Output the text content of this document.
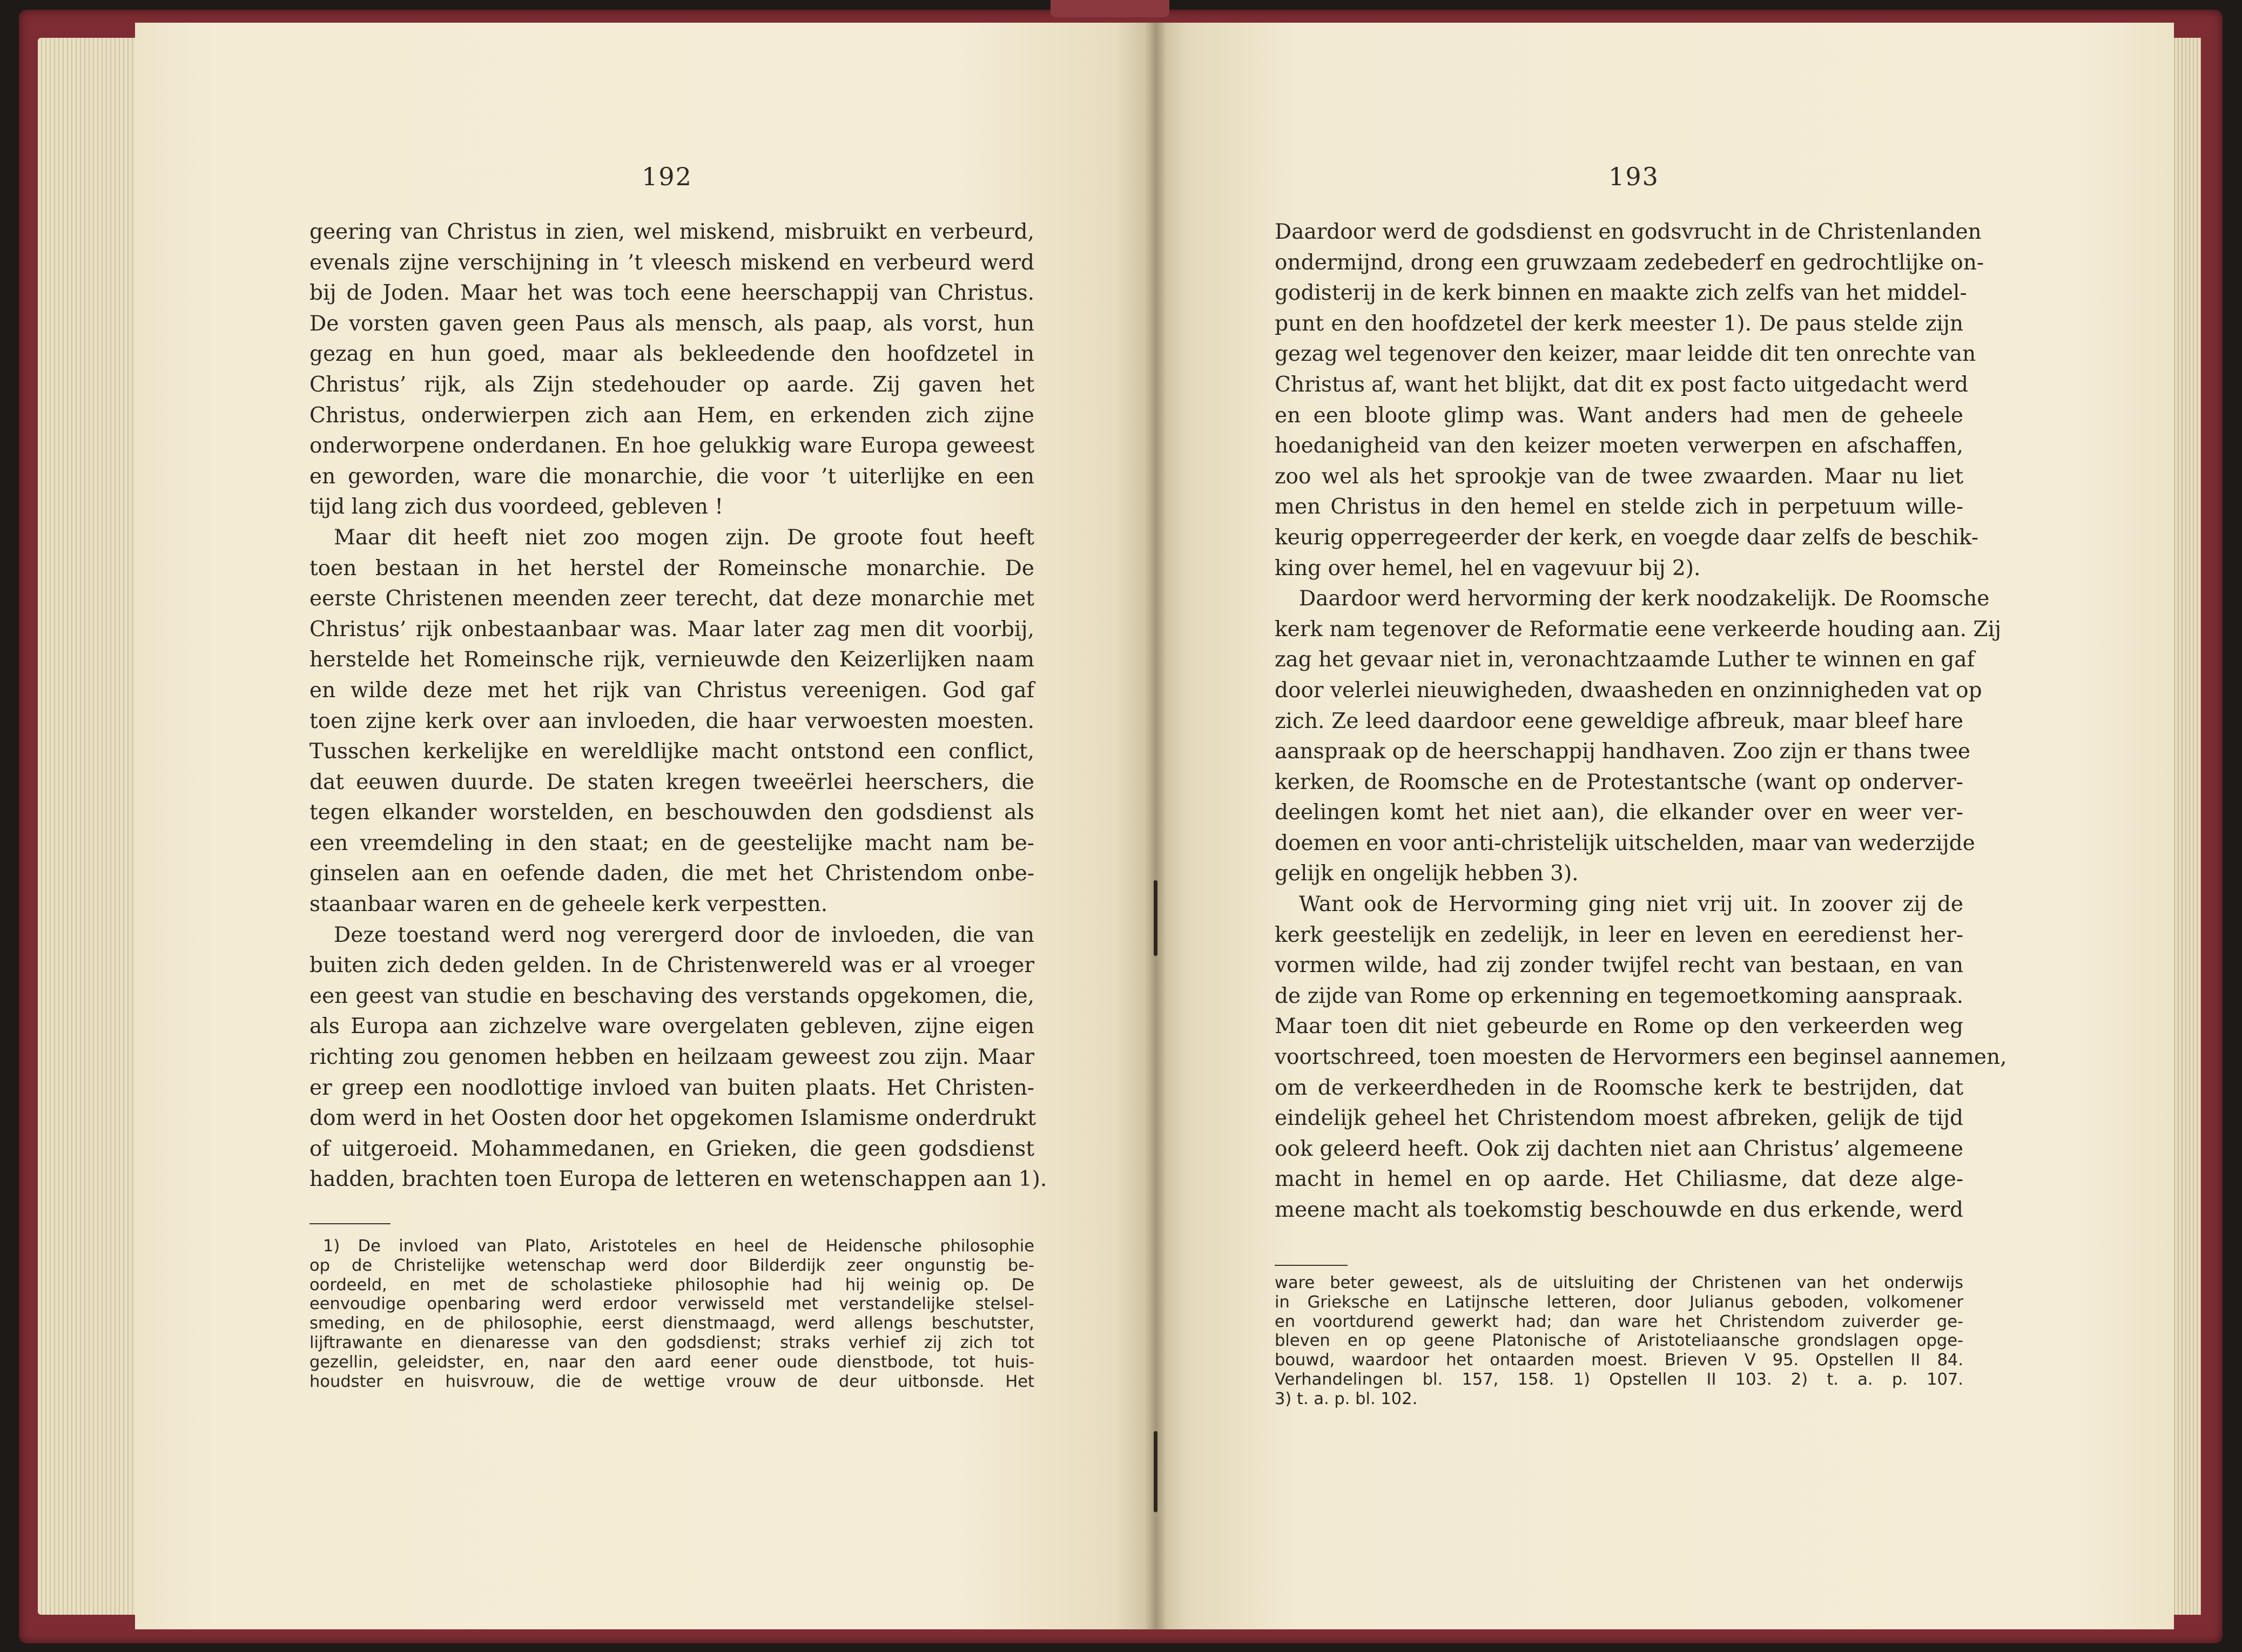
192
geering van Christus in zien, wel miskend, misbruikt en verbeurd,
evenals zijne verschijning in ’t vleesch miskend en verbeurd werd
bij de Joden. Maar het was toch eene heerschappij van Christus.
De vorsten gaven geen Paus als mensch, als paap, als vorst, hun
gezag en hun goed, maar als bekleedende den hoofdzetel in
Christus’ rijk, als Zijn stedehouder op aarde. Zij gaven het
Christus, onderwierpen zich aan Hem, en erkenden zich zijne
onderworpene onderdanen. En hoe gelukkig ware Europa geweest
en geworden, ware die monarchie, die voor ’t uiterlijke en een
tijd lang zich dus voordeed, gebleven !
Maar dit heeft niet zoo mogen zijn. De groote fout heeft
toen bestaan in het herstel der Romeinsche monarchie. De
eerste Christenen meenden zeer terecht, dat deze monarchie met
Christus’ rijk onbestaanbaar was. Maar later zag men dit voorbij,
herstelde het Romeinsche rijk, vernieuwde den Keizerlijken naam
en wilde deze met het rijk van Christus vereenigen. God gaf
toen zijne kerk over aan invloeden, die haar verwoesten moesten.
Tusschen kerkelijke en wereldlijke macht ontstond een conflict,
dat eeuwen duurde. De staten kregen tweeërlei heerschers, die
tegen elkander worstelden, en beschouwden den godsdienst als
een vreemdeling in den staat; en de geestelijke macht nam be-
ginselen aan en oefende daden, die met het Christendom onbe-
staanbaar waren en de geheele kerk verpestten.
Deze toestand werd nog verergerd door de invloeden, die van
buiten zich deden gelden. In de Christenwereld was er al vroeger
een geest van studie en beschaving des verstands opgekomen, die,
als Europa aan zichzelve ware overgelaten gebleven, zijne eigen
richting zou genomen hebben en heilzaam geweest zou zijn. Maar
er greep een noodlottige invloed van buiten plaats. Het Christen-
dom werd in het Oosten door het opgekomen Islamisme onderdrukt
of uitgeroeid. Mohammedanen, en Grieken, die geen godsdienst
hadden, brachten toen Europa de letteren en wetenschappen aan 1).
1) De invloed van Plato, Aristoteles en heel de Heidensche philosophie
op de Christelijke wetenschap werd door Bilderdijk zeer ongunstig be-
oordeeld, en met de scholastieke philosophie had hij weinig op. De
eenvoudige openbaring werd erdoor verwisseld met verstandelijke stelsel-
smeding, en de philosophie, eerst dienstmaagd, werd allengs beschutster,
lijftrawante en dienaresse van den godsdienst; straks verhief zij zich tot
gezellin, geleidster, en, naar den aard eener oude dienstbode, tot huis-
houdster en huisvrouw, die de wettige vrouw de deur uitbonsde. Het
193
Daardoor werd de godsdienst en godsvrucht in de Christenlanden
ondermijnd, drong een gruwzaam zedebederf en gedrochtlijke on-
godisterij in de kerk binnen en maakte zich zelfs van het middel-
punt en den hoofdzetel der kerk meester 1). De paus stelde zijn
gezag wel tegenover den keizer, maar leidde dit ten onrechte van
Christus af, want het blijkt, dat dit ex post facto uitgedacht werd
en een bloote glimp was. Want anders had men de geheele
hoedanigheid van den keizer moeten verwerpen en afschaffen,
zoo wel als het sprookje van de twee zwaarden. Maar nu liet
men Christus in den hemel en stelde zich in perpetuum wille-
keurig opperregeerder der kerk, en voegde daar zelfs de beschik-
king over hemel, hel en vagevuur bij 2).
Daardoor werd hervorming der kerk noodzakelijk. De Roomsche
kerk nam tegenover de Reformatie eene verkeerde houding aan. Zij
zag het gevaar niet in, veronachtzaamde Luther te winnen en gaf
door velerlei nieuwigheden, dwaasheden en onzinnigheden vat op
zich. Ze leed daardoor eene geweldige afbreuk, maar bleef hare
aanspraak op de heerschappij handhaven. Zoo zijn er thans twee
kerken, de Roomsche en de Protestantsche (want op onderver-
deelingen komt het niet aan), die elkander over en weer ver-
doemen en voor anti-christelijk uitschelden, maar van wederzijde
gelijk en ongelijk hebben 3).
Want ook de Hervorming ging niet vrij uit. In zoover zij de
kerk geestelijk en zedelijk, in leer en leven en eeredienst her-
vormen wilde, had zij zonder twijfel recht van bestaan, en van
de zijde van Rome op erkenning en tegemoetkoming aanspraak.
Maar toen dit niet gebeurde en Rome op den verkeerden weg
voortschreed, toen moesten de Hervormers een beginsel aannemen,
om de verkeerdheden in de Roomsche kerk te bestrijden, dat
eindelijk geheel het Christendom moest afbreken, gelijk de tijd
ook geleerd heeft. Ook zij dachten niet aan Christus’ algemeene
macht in hemel en op aarde. Het Chiliasme, dat deze alge-
meene macht als toekomstig beschouwde en dus erkende, werd
ware beter geweest, als de uitsluiting der Christenen van het onderwijs
in Grieksche en Latijnsche letteren, door Julianus geboden, volkomener
en voortdurend gewerkt had; dan ware het Christendom zuiverder ge-
bleven en op geene Platonische of Aristoteliaansche grondslagen opge-
bouwd, waardoor het ontaarden moest. Brieven V 95. Opstellen II 84.
Verhandelingen bl. 157, 158. 1) Opstellen II 103. 2) t. a. p. 107.
3) t. a. p. bl. 102.
